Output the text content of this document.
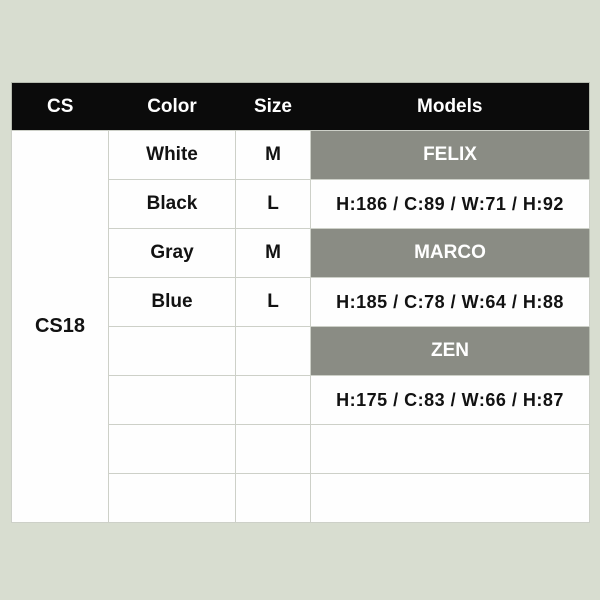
CS	Color	Size	Models
CS18	White	M	FELIX
	Black	L	H:186 / C:89 / W:71 / H:92
	Gray	M	MARCO
	Blue	L	H:185 / C:78 / W:64 / H:88
			ZEN
			H:175 / C:83 / W:66 / H:87
